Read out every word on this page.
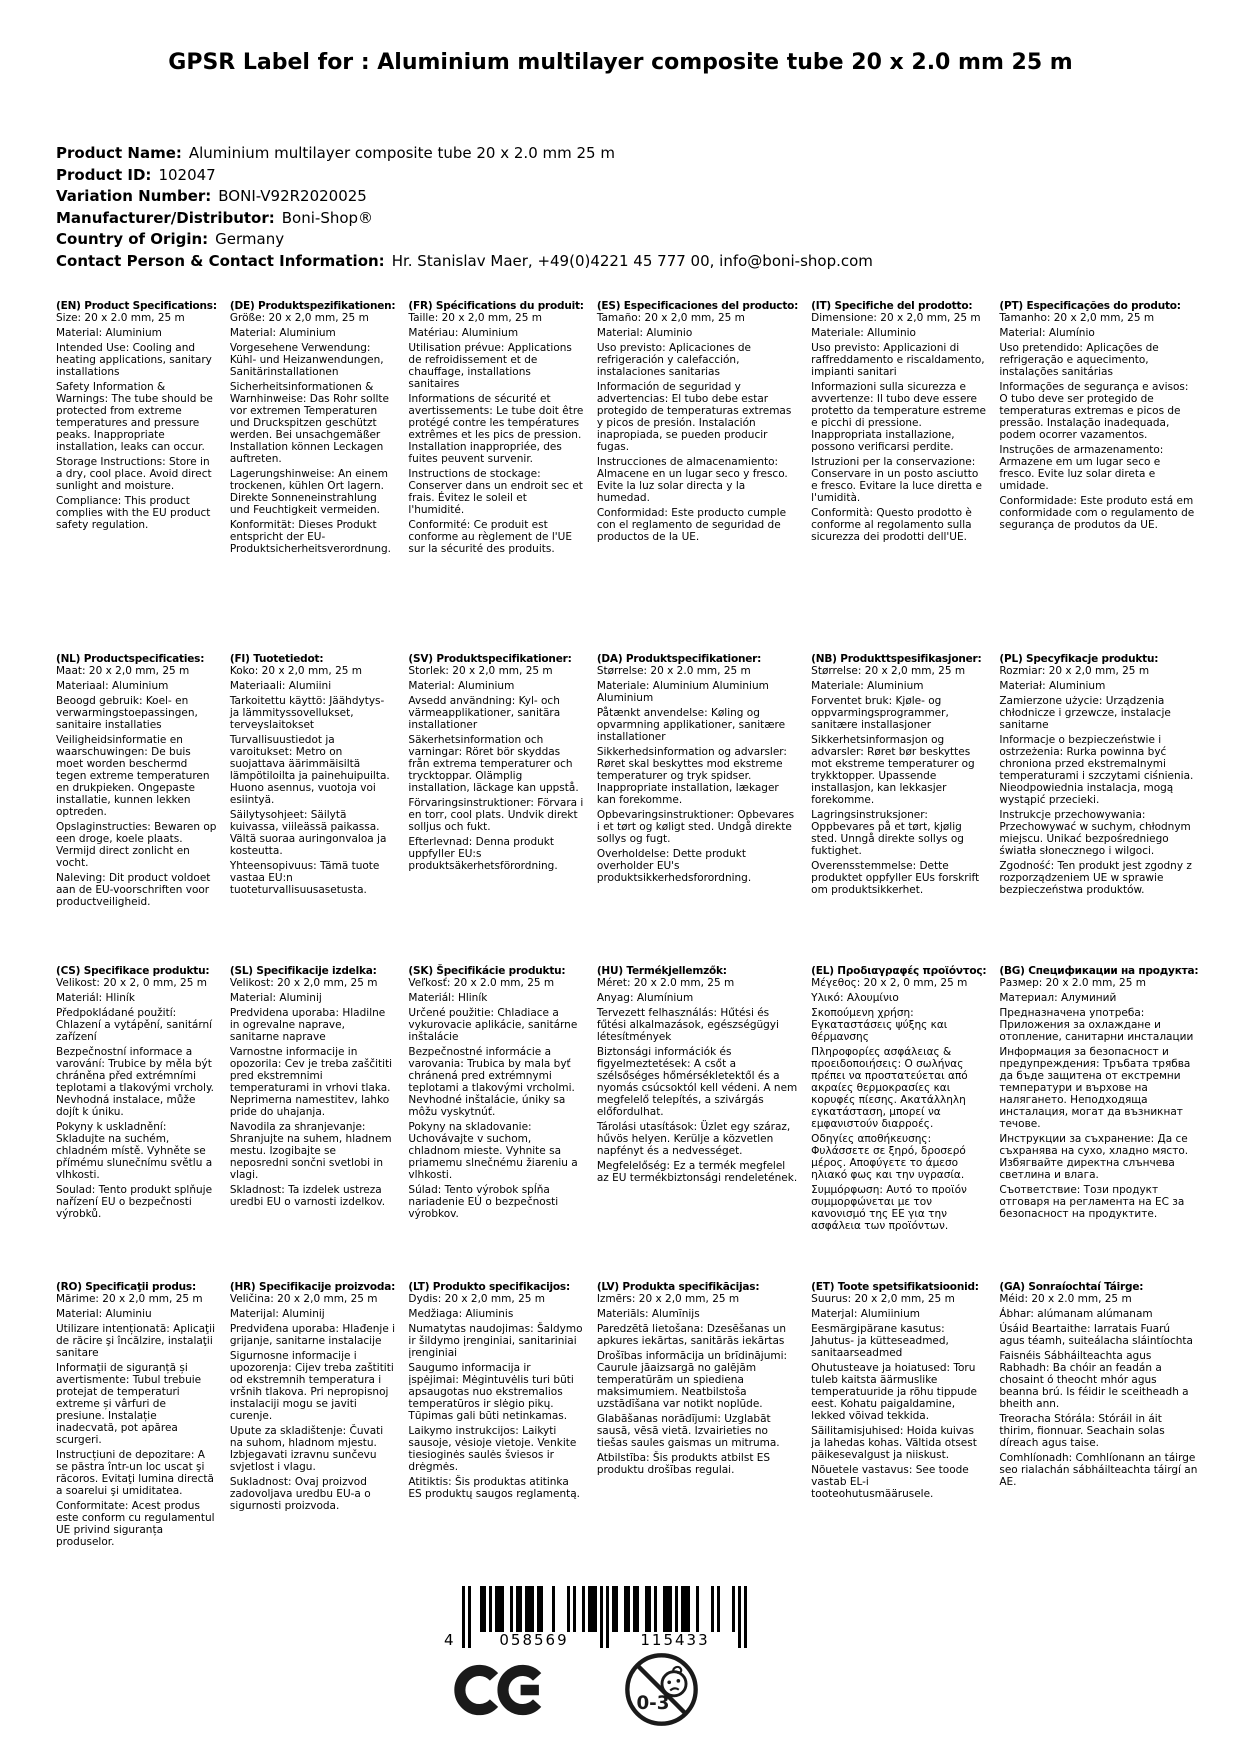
GPSR Label for : Aluminium multilayer composite tube 20 x 2.0 mm 25 m
Product Name: Aluminium multilayer composite tube 20 x 2.0 mm 25 m
Product ID: 102047
Variation Number: BONI-V92R2020025
Manufacturer/Distributor: Boni-Shop®
Country of Origin: Germany
Contact Person & Contact Information: Hr. Stanislav Maer, +49(0)4221 45 777 00, info@boni-shop.com
(EN) Product Specifications:

Size: 20 x 2.0 mm, 25 m

Material: Aluminium

Intended Use: Cooling and heating applications, sanitary installations

Safety Information & Warnings: The tube should be protected from extreme temperatures and pressure peaks. Inappropriate installation, leaks can occur.

Storage Instructions: Store in a dry, cool place. Avoid direct sunlight and moisture.

Compliance: This product complies with the EU product safety regulation.

(DE) Produktspezifikationen:

Größe: 20 x 2,0 mm, 25 m

Material: Aluminium

Vorgesehene Verwendung: Kühl- und Heizanwendungen, Sanitärinstallationen

Sicherheitsinformationen & Warnhinweise: Das Rohr sollte vor extremen Temperaturen und Druckspitzen geschützt werden. Bei unsachgemäßer Installation können Leckagen auftreten.

Lagerungshinweise: An einem trockenen, kühlen Ort lagern. Direkte Sonneneinstrahlung und Feuchtigkeit vermeiden.

Konformität: Dieses Produkt entspricht der EU-Produktsicherheitsverordnung.

(FR) Spécifications du produit:

Taille: 20 x 2,0 mm, 25 m

Matériau: Aluminium

Utilisation prévue: Applications de refroidissement et de chauffage, installations sanitaires

Informations de sécurité et avertissements: Le tube doit être protégé contre les températures extrêmes et les pics de pression. Installation inappropriée, des fuites peuvent survenir.

Instructions de stockage: Conserver dans un endroit sec et frais. Évitez le soleil et l'humidité.

Conformité: Ce produit est conforme au règlement de l'UE sur la sécurité des produits.

(ES) Especificaciones del producto:

Tamaño: 20 x 2,0 mm, 25 m

Material: Aluminio

Uso previsto: Aplicaciones de refrigeración y calefacción, instalaciones sanitarias

Información de seguridad y advertencias: El tubo debe estar protegido de temperaturas extremas y picos de presión. Instalación inapropiada, se pueden producir fugas.

Instrucciones de almacenamiento: Almacene en un lugar seco y fresco. Evite la luz solar directa y la humedad.

Conformidad: Este producto cumple con el reglamento de seguridad de productos de la UE.

(IT) Specifiche del prodotto:

Dimensione: 20 x 2,0 mm, 25 m

Materiale: Alluminio

Uso previsto: Applicazioni di raffreddamento e riscaldamento, impianti sanitari

Informazioni sulla sicurezza e avvertenze: Il tubo deve essere protetto da temperature estreme e picchi di pressione. Inappropriata installazione, possono verificarsi perdite.

Istruzioni per la conservazione: Conservare in un posto asciutto e fresco. Evitare la luce diretta e l'umidità.

Conformità: Questo prodotto è conforme al regolamento sulla sicurezza dei prodotti dell'UE.

(PT) Especificações do produto:

Tamanho: 20 x 2,0 mm, 25 m

Material: Alumínio

Uso pretendido: Aplicações de refrigeração e aquecimento, instalações sanitárias

Informações de segurança e avisos: O tubo deve ser protegido de temperaturas extremas e picos de pressão. Instalação inadequada, podem ocorrer vazamentos.

Instruções de armazenamento: Armazene em um lugar seco e fresco. Evite luz solar direta e umidade.

Conformidade: Este produto está em conformidade com o regulamento de segurança de produtos da UE.

(NL) Productspecificaties:

Maat: 20 x 2,0 mm, 25 m

Materiaal: Aluminium

Beoogd gebruik: Koel- en verwarmingstoepassingen, sanitaire installaties

Veiligheidsinformatie en waarschuwingen: De buis moet worden beschermd tegen extreme temperaturen en drukpieken. Ongepaste installatie, kunnen lekken optreden.

Opslaginstructies: Bewaren op een droge, koele plaats. Vermijd direct zonlicht en vocht.

Naleving: Dit product voldoet aan de EU-voorschriften voor productveiligheid.

(FI) Tuotetiedot:

Koko: 20 x 2,0 mm, 25 m

Materiaali: Alumiini

Tarkoitettu käyttö: Jäähdytys- ja lämmityssovellukset, terveyslaitokset

Turvallisuustiedot ja varoitukset: Metro on suojattava äärimmäisiltä lämpötiloilta ja painehuipuilta. Huono asennus, vuotoja voi esiintyä.

Säilytysohjeet: Säilytä kuivassa, viileässä paikassa. Vältä suoraa auringonvaloa ja kosteutta.

Yhteensopivuus: Tämä tuote vastaa EU:n tuoteturvallisuusasetusta.

(SV) Produktspecifikationer:

Storlek: 20 x 2,0 mm, 25 m

Material: Aluminium

Avsedd användning: Kyl- och värmeapplikationer, sanitära installationer

Säkerhetsinformation och varningar: Röret bör skyddas från extrema temperaturer och trycktoppar. Olämplig installation, läckage kan uppstå.

Förvaringsinstruktioner: Förvara i en torr, cool plats. Undvik direkt solljus och fukt.

Efterlevnad: Denna produkt uppfyller EU:s produktsäkerhetsförordning.

(DA) Produktspecifikationer:

Størrelse: 20 x 2.0 mm, 25 m

Materiale: Aluminium Aluminium Aluminium

Påtænkt anvendelse: Køling og opvarmning applikationer, sanitære installationer

Sikkerhedsinformation og advarsler: Røret skal beskyttes mod ekstreme temperaturer og tryk spidser. Inappropriate installation, lækager kan forekomme.

Opbevaringsinstruktioner: Opbevares i et tørt og køligt sted. Undgå direkte sollys og fugt.

Overholdelse: Dette produkt overholder EU's produktsikkerhedsforordning.

(NB) Produkttspesifikasjoner:

Størrelse: 20 x 2,0 mm, 25 m

Materiale: Aluminium

Forventet bruk: Kjøle- og oppvarmingsprogrammer, sanitære installasjoner

Sikkerhetsinformasjon og advarsler: Røret bør beskyttes mot ekstreme temperaturer og trykktopper. Upassende installasjon, kan lekkasjer forekomme.

Lagringsinstruksjoner: Oppbevares på et tørt, kjølig sted. Unngå direkte sollys og fuktighet.

Overensstemmelse: Dette produktet oppfyller EUs forskrift om produktsikkerhet.

(PL) Specyfikacje produktu:

Rozmiar: 20 x 2,0 mm, 25 m

Materiał: Aluminium

Zamierzone użycie: Urządzenia chłodnicze i grzewcze, instalacje sanitarne

Informacje o bezpieczeństwie i ostrzeżenia: Rurka powinna być chroniona przed ekstremalnymi temperaturami i szczytami ciśnienia. Nieodpowiednia instalacja, mogą wystąpić przecieki.

Instrukcje przechowywania: Przechowywać w suchym, chłodnym miejscu. Unikać bezpośredniego światła słonecznego i wilgoci.

Zgodność: Ten produkt jest zgodny z rozporządzeniem UE w sprawie bezpieczeństwa produktów.

(CS) Specifikace produktu:

Velikost: 20 x 2, 0 mm, 25 m

Materiál: Hliník

Předpokládané použití: Chlazení a vytápění, sanitární zařízení

Bezpečnostní informace a varování: Trubice by měla být chráněna před extrémními teplotami a tlakovými vrcholy. Nevhodná instalace, může dojít k úniku.

Pokyny k uskladnění: Skladujte na suchém, chladném místě. Vyhněte se přímému slunečnímu světlu a vlhkosti.

Soulad: Tento produkt splňuje nařízení EU o bezpečnosti výrobků.

(SL) Specifikacije izdelka:

Velikost: 20 x 2,0 mm, 25 m

Material: Aluminij

Predvidena uporaba: Hladilne in ogrevalne naprave, sanitarne naprave

Varnostne informacije in opozorila: Cev je treba zaščititi pred ekstremnimi temperaturami in vrhovi tlaka. Neprimerna namestitev, lahko pride do uhajanja.

Navodila za shranjevanje: Shranjujte na suhem, hladnem mestu. Izogibajte se neposredni sončni svetlobi in vlagi.

Skladnost: Ta izdelek ustreza uredbi EU o varnosti izdelkov.

(SK) Špecifikácie produktu:

Veľkosť: 20 x 2.0 mm, 25 m

Materiál: Hliník

Určené použitie: Chladiace a vykurovacie aplikácie, sanitárne inštalácie

Bezpečnostné informácie a varovania: Trubica by mala byť chránená pred extrémnymi teplotami a tlakovými vrcholmi. Nevhodné inštalácie, úniky sa môžu vyskytnúť.

Pokyny na skladovanie: Uchovávajte v suchom, chladnom mieste. Vyhnite sa priamemu slnečnému žiareniu a vlhkosti.

Súlad: Tento výrobok spĺňa nariadenie EÚ o bezpečnosti výrobkov.

(HU) Termékjellemzők:

Méret: 20 x 2.0 mm, 25 m

Anyag: Alumínium

Tervezett felhasználás: Hűtési és fűtési alkalmazások, egészségügyi létesítmények

Biztonsági információk és figyelmeztetések: A csőt a szélsőséges hőmérsékletektől és a nyomás csúcsoktól kell védeni. A nem megfelelő telepítés, a szivárgás előfordulhat.

Tárolási utasítások: Üzlet egy száraz, hűvös helyen. Kerülje a közvetlen napfényt és a nedvességet.

Megfelelőség: Ez a termék megfelel az EU termékbiztonsági rendeletének.

(EL) Προδιαγραφές προϊόντος:

Μέγεθος: 20 x 2, 0 mm, 25 m

Υλικό: Αλουμίνιο

Σκοπούμενη χρήση: Εγκαταστάσεις ψύξης και θέρμανσης

Πληροφορίες ασφάλειας & προειδοποιήσεις: Ο σωλήνας πρέπει να προστατεύεται από ακραίες θερμοκρασίες και κορυφές πίεσης. Ακατάλληλη εγκατάσταση, μπορεί να εμφανιστούν διαρροές.

Οδηγίες αποθήκευσης: Φυλάσσετε σε ξηρό, δροσερό μέρος. Αποφύγετε το άμεσο ηλιακό φως και την υγρασία.

Συμμόρφωση: Αυτό το προϊόν συμμορφώνεται με τον κανονισμό της ΕΕ για την ασφάλεια των προϊόντων.

(BG) Спецификации на продукта:

Размер: 20 x 2.0 mm, 25 m

Материал: Алуминий

Предназначена употреба: Приложения за охлаждане и отопление, санитарни инсталации

Информация за безопасност и предупреждения: Тръбата трябва да бъде защитена от екстремни температури и върхове на налягането. Неподходяща инсталация, могат да възникнат течове.

Инструкции за съхранение: Да се съхранява на сухо, хладно място. Избягвайте директна слънчева светлина и влага.

Съответствие: Този продукт отговаря на регламента на ЕС за безопасност на продуктите.

(RO) Specificaţii produs:

Mărime: 20 x 2,0 mm, 25 m

Material: Aluminiu

Utilizare intenționată: Aplicaţii de răcire şi încălzire, instalaţii sanitare

Informații de siguranță și avertismente: Tubul trebuie protejat de temperaturi extreme și vârfuri de presiune. Instalație inadecvată, pot apărea scurgeri.

Instrucțiuni de depozitare: A se păstra într-un loc uscat şi răcoros. Evitaţi lumina directă a soarelui şi umiditatea.

Conformitate: Acest produs este conform cu regulamentul UE privind siguranța produselor.

(HR) Specifikacije proizvoda:

Veličina: 20 x 2,0 mm, 25 m

Materijal: Aluminij

Predviđena uporaba: Hlađenje i grijanje, sanitarne instalacije

Sigurnosne informacije i upozorenja: Cijev treba zaštititi od ekstremnih temperatura i vršnih tlakova. Pri nepropisnoj instalaciji mogu se javiti curenje.

Upute za skladištenje: Čuvati na suhom, hladnom mjestu. Izbjegavati izravnu sunčevu svjetlost i vlagu.

Sukladnost: Ovaj proizvod zadovoljava uredbu EU-a o sigurnosti proizvoda.

(LT) Produkto specifikacijos:

Dydis: 20 x 2,0 mm, 25 m

Medžiaga: Aliuminis

Numatytas naudojimas: Šaldymo ir šildymo įrenginiai, sanitariniai įrenginiai

Saugumo informacija ir įspėjimai: Mėgintuvėlis turi būti apsaugotas nuo ekstremalios temperatūros ir slėgio pikų. Tūpimas gali būti netinkamas.

Laikymo instrukcijos: Laikyti sausoje, vėsioje vietoje. Venkite tiesioginės saulės šviesos ir drėgmės.

Atitiktis: Šis produktas atitinka ES produktų saugos reglamentą.

(LV) Produkta specifikācijas:

Izmērs: 20 x 2,0 mm, 25 m

Materiāls: Alumīnijs

Paredzētā lietošana: Dzesēšanas un apkures iekārtas, sanitārās iekārtas

Drošības informācija un brīdinājumi: Caurule jāaizsargā no galējām temperatūrām un spiediena maksimumiem. Neatbilstoša uzstādīšana var notikt noplūde.

Glabāšanas norādījumi: Uzglabāt sausā, vēsā vietā. Izvairieties no tiešas saules gaismas un mitruma.

Atbilstība: Šis produkts atbilst ES produktu drošības regulai.

(ET) Toote spetsifikatsioonid:

Suurus: 20 x 2,0 mm, 25 m

Materjal: Alumiinium

Eesmärgipärane kasutus: Jahutus- ja kütteseadmed, sanitaarseadmed

Ohutusteave ja hoiatused: Toru tuleb kaitsta äärmuslike temperatuuride ja rõhu tippude eest. Kohatu paigaldamine, lekked võivad tekkida.

Säilitamisjuhised: Hoida kuivas ja lahedas kohas. Vältida otsest päikesevalgust ja niiskust.

Nõuetele vastavus: See toode vastab EL-i tooteohutusmäärusele.

(GA) Sonraíochtaí Táirge:

Méid: 20 x 2.0 mm, 25 m

Ábhar: alúmanam alúmanam

Úsáid Beartaithe: Iarratais Fuarú agus téamh, suiteálacha sláintíochta

Faisnéis Sábháilteachta agus Rabhadh: Ba chóir an feadán a chosaint ó theocht mhór agus beanna brú. Is féidir le sceitheadh a bheith ann.

Treoracha Stórála: Stóráil in áit thirim, fionnuar. Seachain solas díreach agus taise.

Comhlíonadh: Comhlíonann an táirge seo rialachán sábháilteachta táirgí an AE.

4	058569	115433
0-3
